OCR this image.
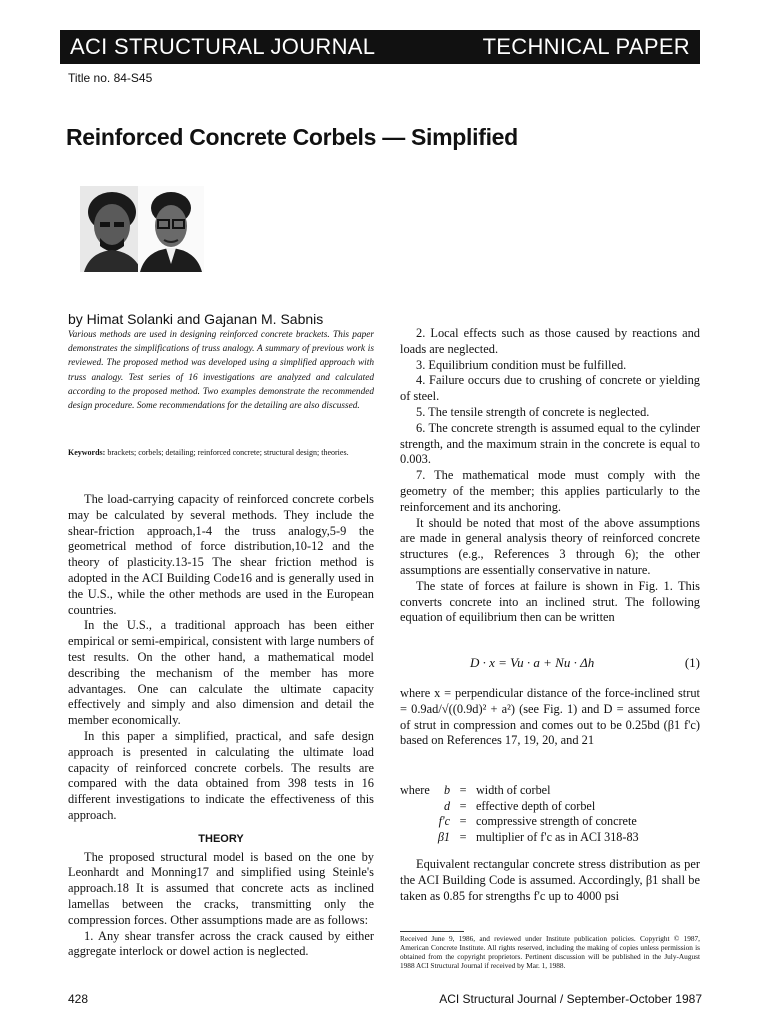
ACI STRUCTURAL JOURNAL	TECHNICAL PAPER
Title no. 84-S45
Reinforced Concrete Corbels — Simplified
by Himat Solanki and Gajanan M. Sabnis
Various methods are used in designing reinforced concrete brackets. This paper demonstrates the simplifications of truss analogy. A summary of previous work is reviewed. The proposed method was developed using a simplified approach with truss analogy. Test series of 16 investigations are analyzed and calculated according to the proposed method. Two examples demonstrate the recommended design procedure. Some recommendations for the detailing are also discussed.
Keywords: brackets; corbels; detailing; reinforced concrete; structural design; theories.

The load-carrying capacity of reinforced concrete corbels may be calculated by several methods. They include the shear-friction approach,1-4 the truss analogy,5-9 the geometrical method of force distribution,10-12 and the theory of plasticity.13-15 The shear friction method is adopted in the ACI Building Code16 and is generally used in the U.S., while the other methods are used in the European countries.

In the U.S., a traditional approach has been either empirical or semi-empirical, consistent with large numbers of test results. On the other hand, a mathematical model describing the mechanism of the member has more advantages. One can calculate the ultimate capacity effectively and simply and also dimension and detail the member economically.

In this paper a simplified, practical, and safe design approach is presented in calculating the ultimate load capacity of reinforced concrete corbels. The results are compared with the data obtained from 398 tests in 16 different investigations to indicate the effectiveness of this approach.

THEORY

The proposed structural model is based on the one by Leonhardt and Monning17 and simplified using Steinle's approach.18 It is assumed that concrete acts as inclined lamellas between the cracks, transmitting only the compression forces. Other assumptions made are as follows:

1. Any shear transfer across the crack caused by either aggregate interlock or dowel action is neglected.

2. Local effects such as those caused by reactions and loads are neglected.

3. Equilibrium condition must be fulfilled.

4. Failure occurs due to crushing of concrete or yielding of steel.

5. The tensile strength of concrete is neglected.

6. The concrete strength is assumed equal to the cylinder strength, and the maximum strain in the concrete is equal to 0.003.

7. The mathematical mode must comply with the geometry of the member; this applies particularly to the reinforcement and its anchoring.

It should be noted that most of the above assumptions are made in general analysis theory of reinforced concrete structures (e.g., References 3 through 6); the other assumptions are essentially conservative in nature.

The state of forces at failure is shown in Fig. 1. This converts concrete into an inclined strut. The following equation of equilibrium then can be written

D · x = Vu · a + Nu · Δh	(1)

where x = perpendicular distance of the force-inclined strut = 0.9ad/√((0.9d)² + a²) (see Fig. 1) and D = assumed force of strut in compression and comes out to be 0.25bd (β1 f'c) based on References 17, 19, 20, and 21

where	b = width of corbel
d = effective depth of corbel
f'c = compressive strength of concrete
β1 = multiplier of f'c as in ACI 318-83

Equivalent rectangular concrete stress distribution as per the ACI Building Code is assumed. Accordingly, β1 shall be taken as 0.85 for strengths f'c up to 4000 psi

Received June 9, 1986, and reviewed under Institute publication policies. Copyright © 1987, American Concrete Institute. All rights reserved, including the making of copies unless permission is obtained from the copyright proprietors. Pertinent discussion will be published in the July-August 1988 ACI Structural Journal if received by Mar. 1, 1988.
428	ACI Structural Journal / September-October 1987
